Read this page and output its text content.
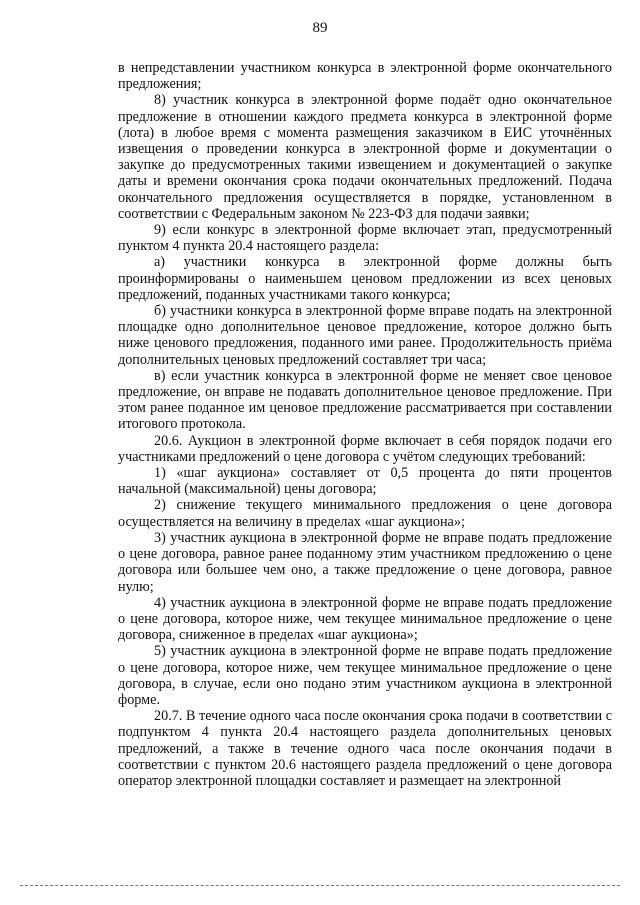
89

в непредставлении участником конкурса в электронной форме окончательного предложения;

8) участник конкурса в электронной форме подаёт одно окончательное предложение в отношении каждого предмета конкурса в электронной форме (лота) в любое время с момента размещения заказчиком в ЕИС уточнённых извещения о проведении конкурса в электронной форме и документации о закупке до предусмотренных такими извещением и документацией о закупке даты и времени окончания срока подачи окончательных предложений. Подача окончательного предложения осуществляется в порядке, установленном в соответствии с Федеральным законом № 223-ФЗ для подачи заявки;

9) если конкурс в электронной форме включает этап, предусмотренный пунктом 4 пункта 20.4 настоящего раздела:

а) участники конкурса в электронной форме должны быть проинформированы о наименьшем ценовом предложении из всех ценовых предложений, поданных участниками такого конкурса;

б) участники конкурса в электронной форме вправе подать на электронной площадке одно дополнительное ценовое предложение, которое должно быть ниже ценового предложения, поданного ими ранее. Продолжительность приёма дополнительных ценовых предложений составляет три часа;

в) если участник конкурса в электронной форме не меняет свое ценовое предложение, он вправе не подавать дополнительное ценовое предложение. При этом ранее поданное им ценовое предложение рассматривается при составлении итогового протокола.

20.6. Аукцион в электронной форме включает в себя порядок подачи его участниками предложений о цене договора с учётом следующих требований:

1) «шаг аукциона» составляет от 0,5 процента до пяти процентов начальной (максимальной) цены договора;

2) снижение текущего минимального предложения о цене договора осуществляется на величину в пределах «шаг аукциона»;

3) участник аукциона в электронной форме не вправе подать предложение о цене договора, равное ранее поданному этим участником предложению о цене договора или большее чем оно, а также предложение о цене договора, равное нулю;

4) участник аукциона в электронной форме не вправе подать предложение о цене договора, которое ниже, чем текущее минимальное предложение о цене договора, сниженное в пределах «шаг аукциона»;

5) участник аукциона в электронной форме не вправе подать предложение о цене договора, которое ниже, чем текущее минимальное предложение о цене договора, в случае, если оно подано этим участником аукциона в электронной форме.

20.7. В течение одного часа после окончания срока подачи в соответствии с подпунктом 4 пункта 20.4 настоящего раздела дополнительных ценовых предложений, а также в течение одного часа после окончания подачи в соответствии с пунктом 20.6 настоящего раздела предложений о цене договора оператор электронной площадки составляет и размещает на электронной
